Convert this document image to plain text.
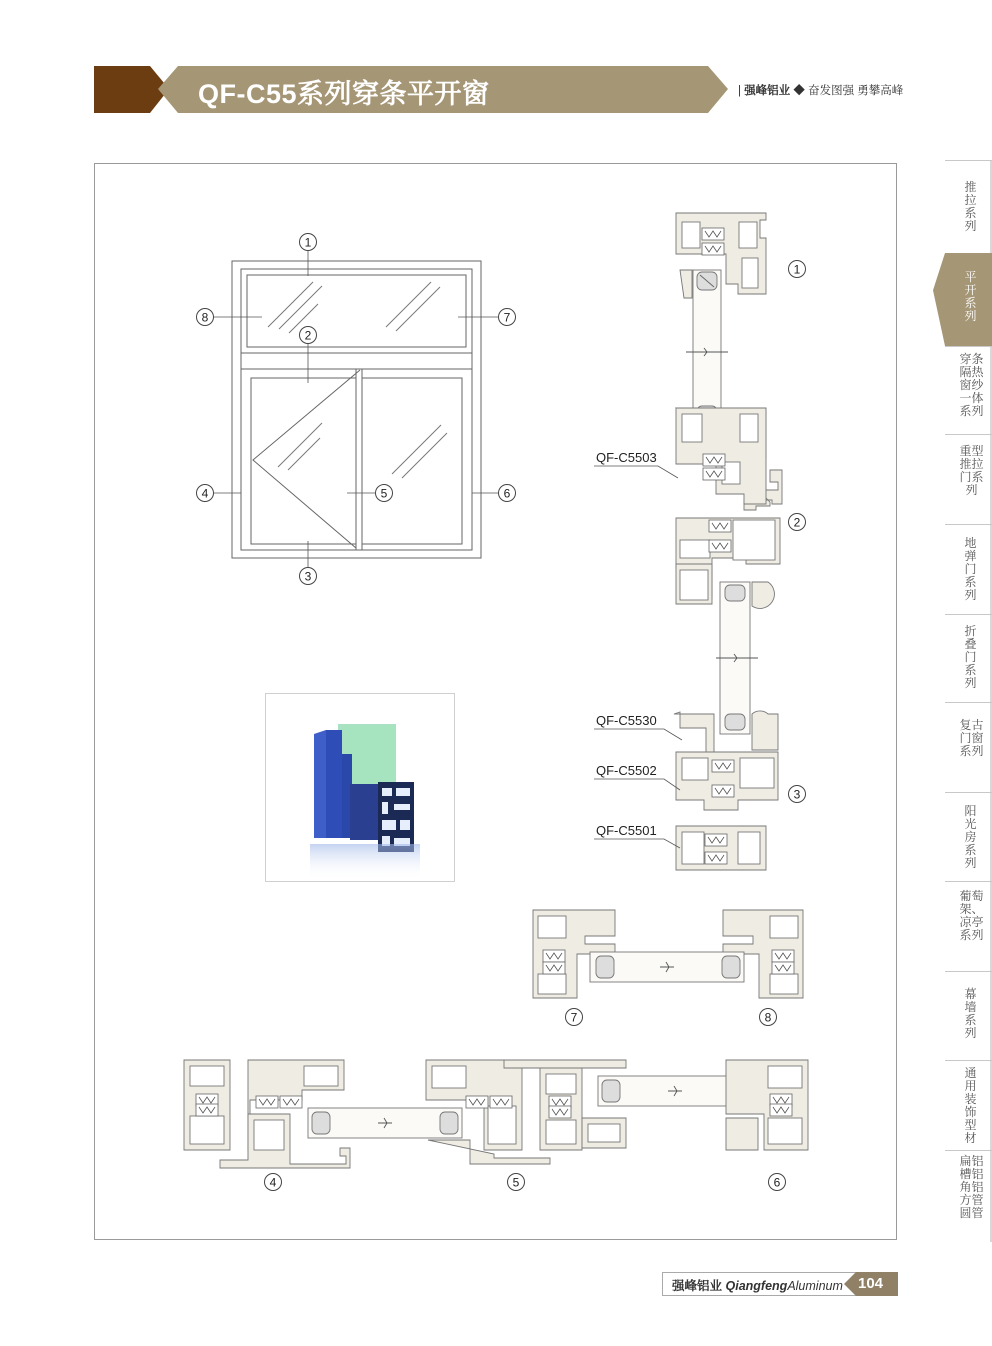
QF-C55系列穿条平开窗	| 强峰铝业 ◆ 奋发图强 勇攀高峰
1
2
3
4	5	6
7
8
1
2
3
7	8
4	5	6
QF-C5503
QF-C5530
QF-C5502
QF-C5501
推拉系列
平开系列
穿条隔热窗纱一体系列
重型推拉门系列
地弹门系列
折叠门系列
复古门窗系列
阳光房系列
葡萄架、凉亭系列
幕墙系列
通用装饰型材
扁铝槽铝角铝方管圆管
强峰铝业 QiangfengAluminum 104
